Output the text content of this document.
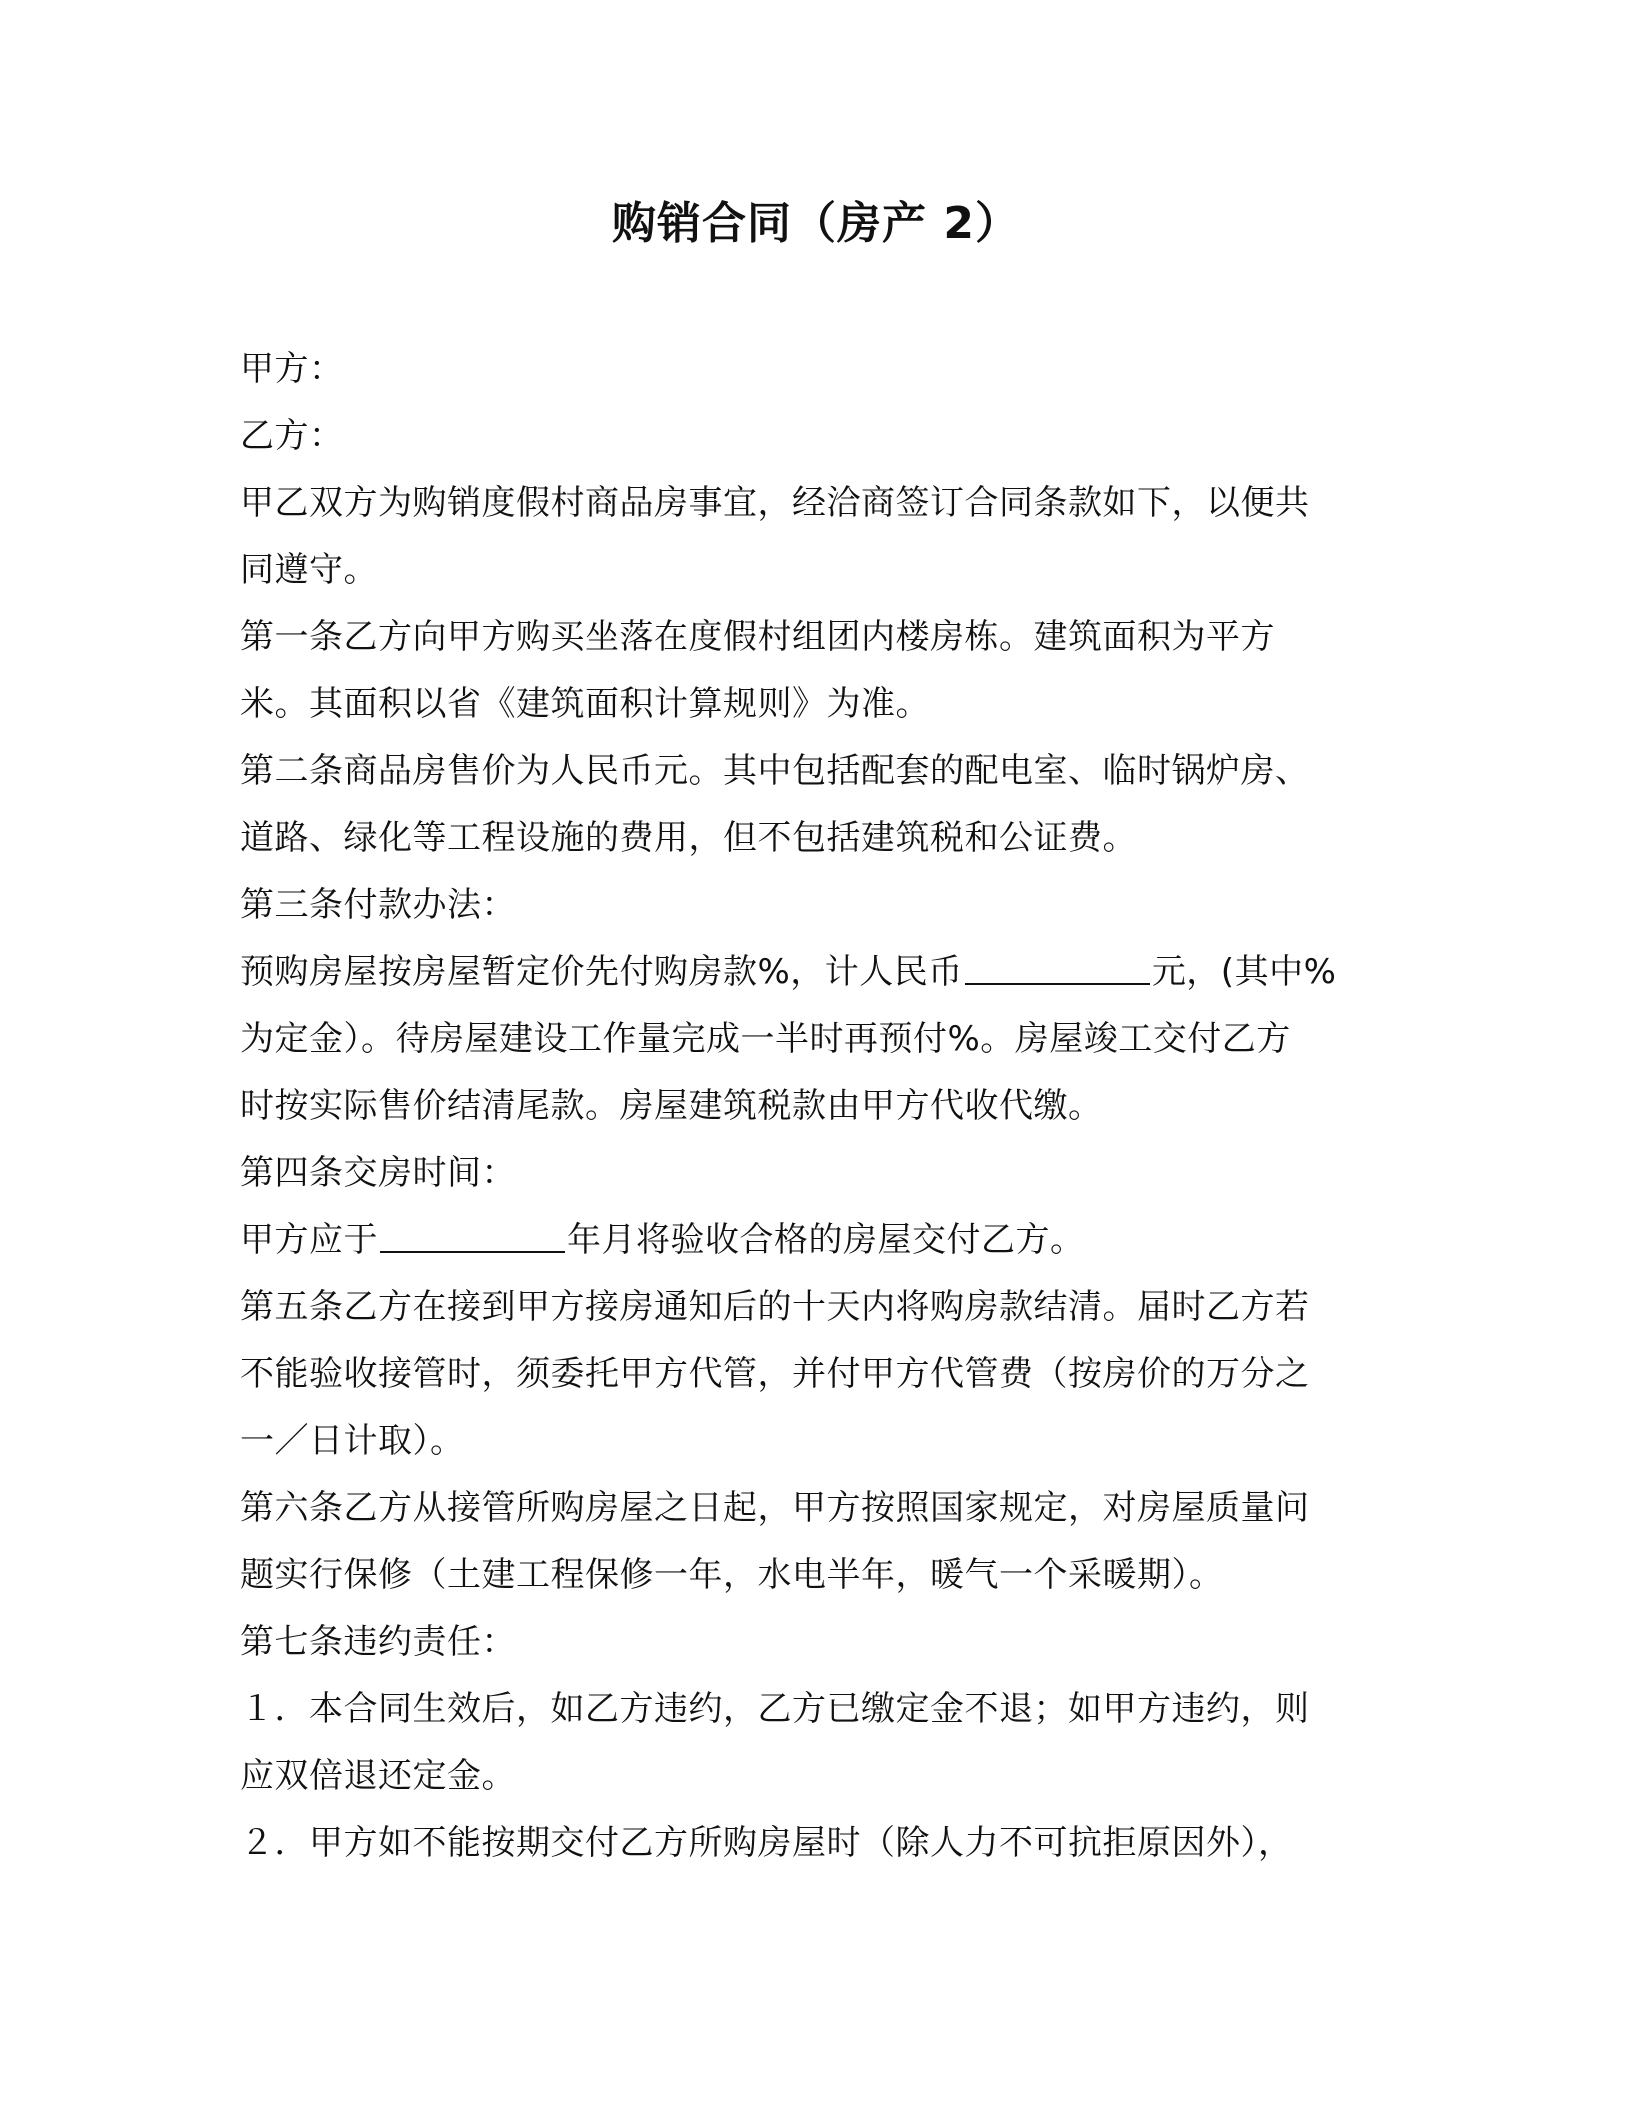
购销合同（房产 2）
甲方：
乙方：
甲乙双方为购销度假村商品房事宜，经洽商签订合同条款如下，以便共
同遵守。
第一条乙方向甲方购买坐落在度假村组团内楼房栋。建筑面积为平方
米。其面积以省《建筑面积计算规则》为准。
第二条商品房售价为人民币元。其中包括配套的配电室、临时锅炉房、
道路、绿化等工程设施的费用，但不包括建筑税和公证费。
第三条付款办法：
预购房屋按房屋暂定价先付购房款%，计人民币	元，(其中%
为定金）。待房屋建设工作量完成一半时再预付%。房屋竣工交付乙方
时按实际售价结清尾款。房屋建筑税款由甲方代收代缴。
第四条交房时间：
甲方应于	年月将验收合格的房屋交付乙方。
第五条乙方在接到甲方接房通知后的十天内将购房款结清。届时乙方若
不能验收接管时，须委托甲方代管，并付甲方代管费（按房价的万分之
一／日计取）。
第六条乙方从接管所购房屋之日起，甲方按照国家规定，对房屋质量问
题实行保修（土建工程保修一年，水电半年，暖气一个采暖期）。
第七条违约责任：
１．本合同生效后，如乙方违约，乙方已缴定金不退；如甲方违约，则
应双倍退还定金。
２．甲方如不能按期交付乙方所购房屋时（除人力不可抗拒原因外），
